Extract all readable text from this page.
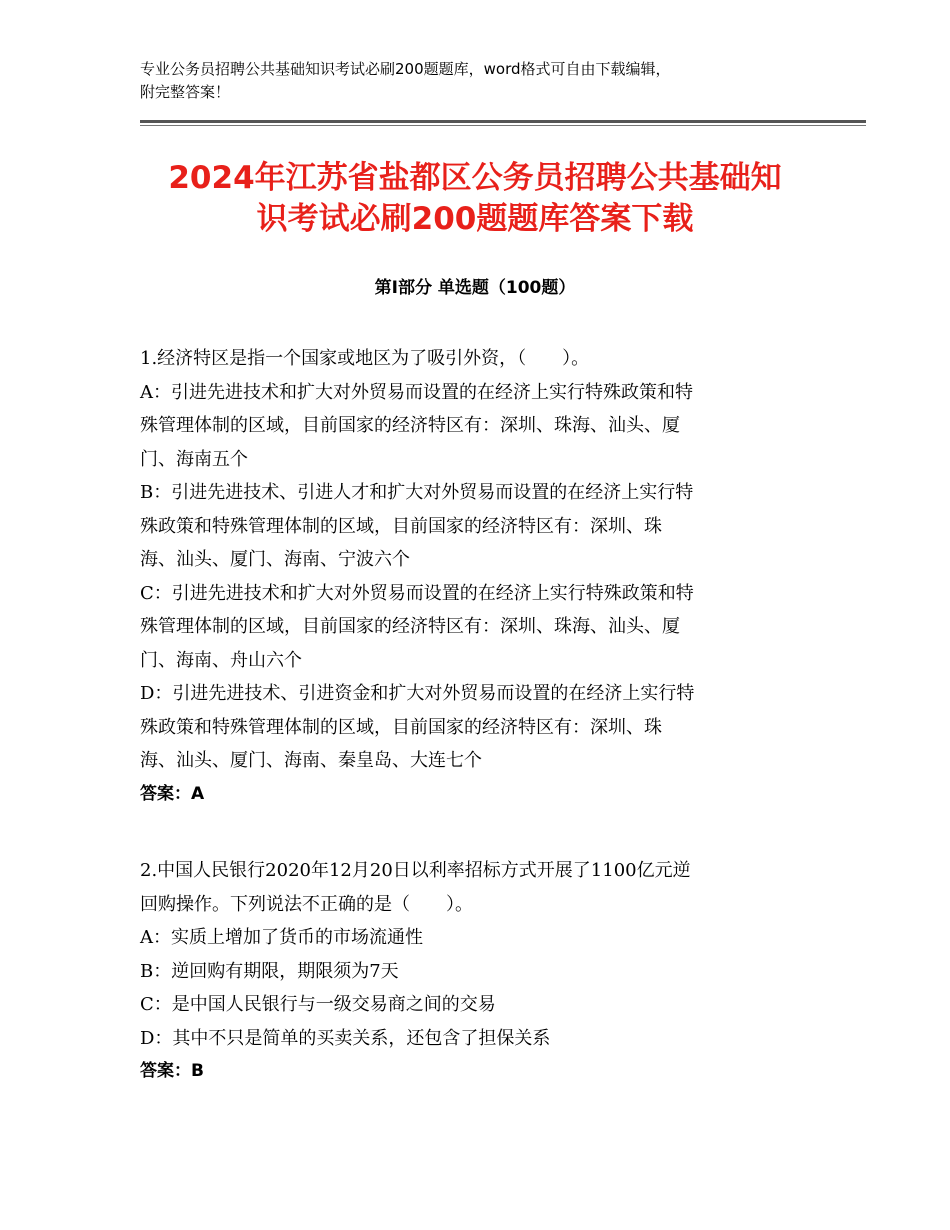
专业公务员招聘公共基础知识考试必刷200题题库，word格式可自由下载编辑，
附完整答案！
2024年江苏省盐都区公务员招聘公共基础知
识考试必刷200题题库答案下载
第Ⅰ部分 单选题（100题）
1.经济特区是指一个国家或地区为了吸引外资，（　　）。
A：引进先进技术和扩大对外贸易而设置的在经济上实行特殊政策和特
殊管理体制的区域，目前国家的经济特区有：深圳、珠海、汕头、厦
门、海南五个
B：引进先进技术、引进人才和扩大对外贸易而设置的在经济上实行特
殊政策和特殊管理体制的区域，目前国家的经济特区有：深圳、珠
海、汕头、厦门、海南、宁波六个
C：引进先进技术和扩大对外贸易而设置的在经济上实行特殊政策和特
殊管理体制的区域，目前国家的经济特区有：深圳、珠海、汕头、厦
门、海南、舟山六个
D：引进先进技术、引进资金和扩大对外贸易而设置的在经济上实行特
殊政策和特殊管理体制的区域，目前国家的经济特区有：深圳、珠
海、汕头、厦门、海南、秦皇岛、大连七个
答案：A
2.中国人民银行2020年12月20日以利率招标方式开展了1100亿元逆
回购操作。下列说法不正确的是（　　）。
A：实质上增加了货币的市场流通性
B：逆回购有期限，期限须为7天
C：是中国人民银行与一级交易商之间的交易
D：其中不只是简单的买卖关系，还包含了担保关系
答案：B
